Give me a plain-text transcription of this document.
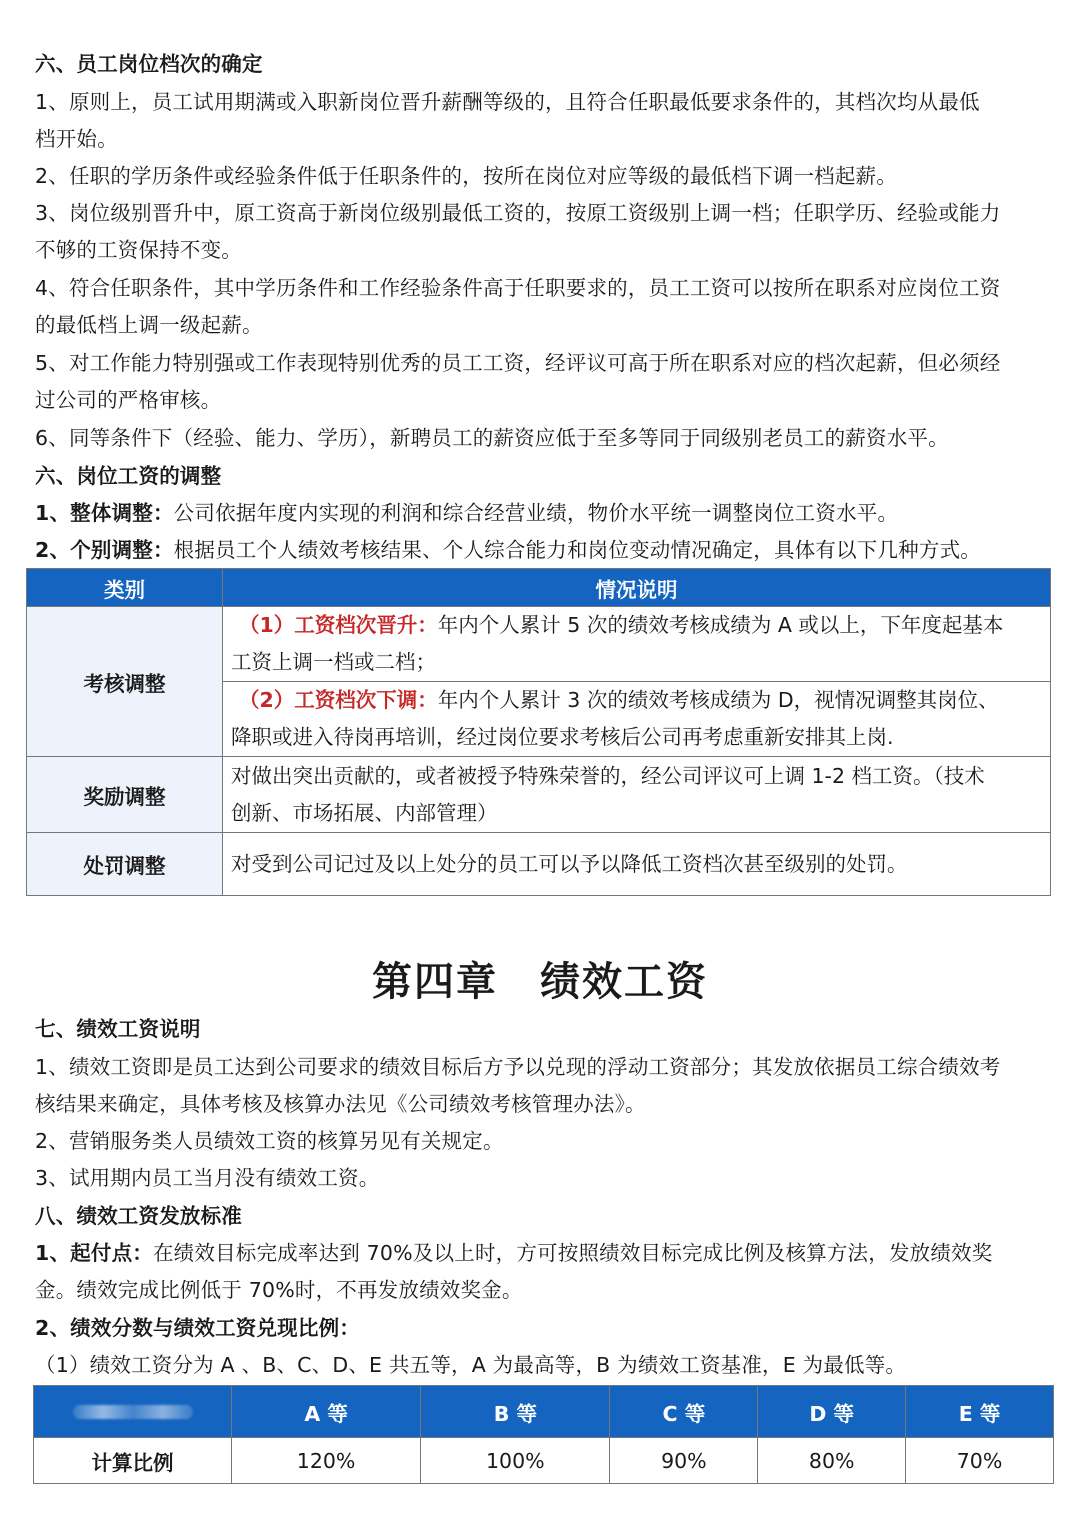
六、员工岗位档次的确定
1、原则上，员工试用期满或入职新岗位晋升薪酬等级的，且符合任职最低要求条件的，其档次均从最低
档开始。
2、任职的学历条件或经验条件低于任职条件的，按所在岗位对应等级的最低档下调一档起薪。
3、岗位级别晋升中，原工资高于新岗位级别最低工资的，按原工资级别上调一档；任职学历、经验或能力
不够的工资保持不变。
4、符合任职条件，其中学历条件和工作经验条件高于任职要求的，员工工资可以按所在职系对应岗位工资
的最低档上调一级起薪。
5、对工作能力特别强或工作表现特别优秀的员工工资，经评议可高于所在职系对应的档次起薪，但必须经
过公司的严格审核。
6、同等条件下（经验、能力、学历），新聘员工的薪资应低于至多等同于同级别老员工的薪资水平。
六、岗位工资的调整
1、整体调整：公司依据年度内实现的利润和综合经营业绩，物价水平统一调整岗位工资水平。
2、个别调整：根据员工个人绩效考核结果、个人综合能力和岗位变动情况确定，具体有以下几种方式。
类别	情况说明
考核调整	（1）工资档次晋升：年内个人累计 5 次的绩效考核成绩为 A 或以上，下年度起基本
工资上调一档或二档；

	（2）工资档次下调：年内个人累计 3 次的绩效考核成绩为 D，视情况调整其岗位、
降职或进入待岗再培训，经过岗位要求考核后公司再考虑重新安排其上岗.

奖励调整	对做出突出贡献的，或者被授予特殊荣誉的，经公司评议可上调 1-2 档工资。（技术
创新、市场拓展、内部管理）

处罚调整	对受到公司记过及以上处分的员工可以予以降低工资档次甚至级别的处罚。
第四章　绩效工资
七、绩效工资说明
1、绩效工资即是员工达到公司要求的绩效目标后方予以兑现的浮动工资部分；其发放依据员工综合绩效考
核结果来确定，具体考核及核算办法见《公司绩效考核管理办法》。
2、营销服务类人员绩效工资的核算另见有关规定。
3、试用期内员工当月没有绩效工资。
八、绩效工资发放标准
1、起付点：在绩效目标完成率达到 70%及以上时，方可按照绩效目标完成比例及核算方法，发放绩效奖
金。绩效完成比例低于 70%时，不再发放绩效奖金。
2、绩效分数与绩效工资兑现比例：
（1）绩效工资分为 A 、B、C、D、E 共五等，A 为最高等，B 为绩效工资基准，E 为最低等。
	A 等	B 等	C 等	D 等	E 等
计算比例	120%	100%	90%	80%	70%
